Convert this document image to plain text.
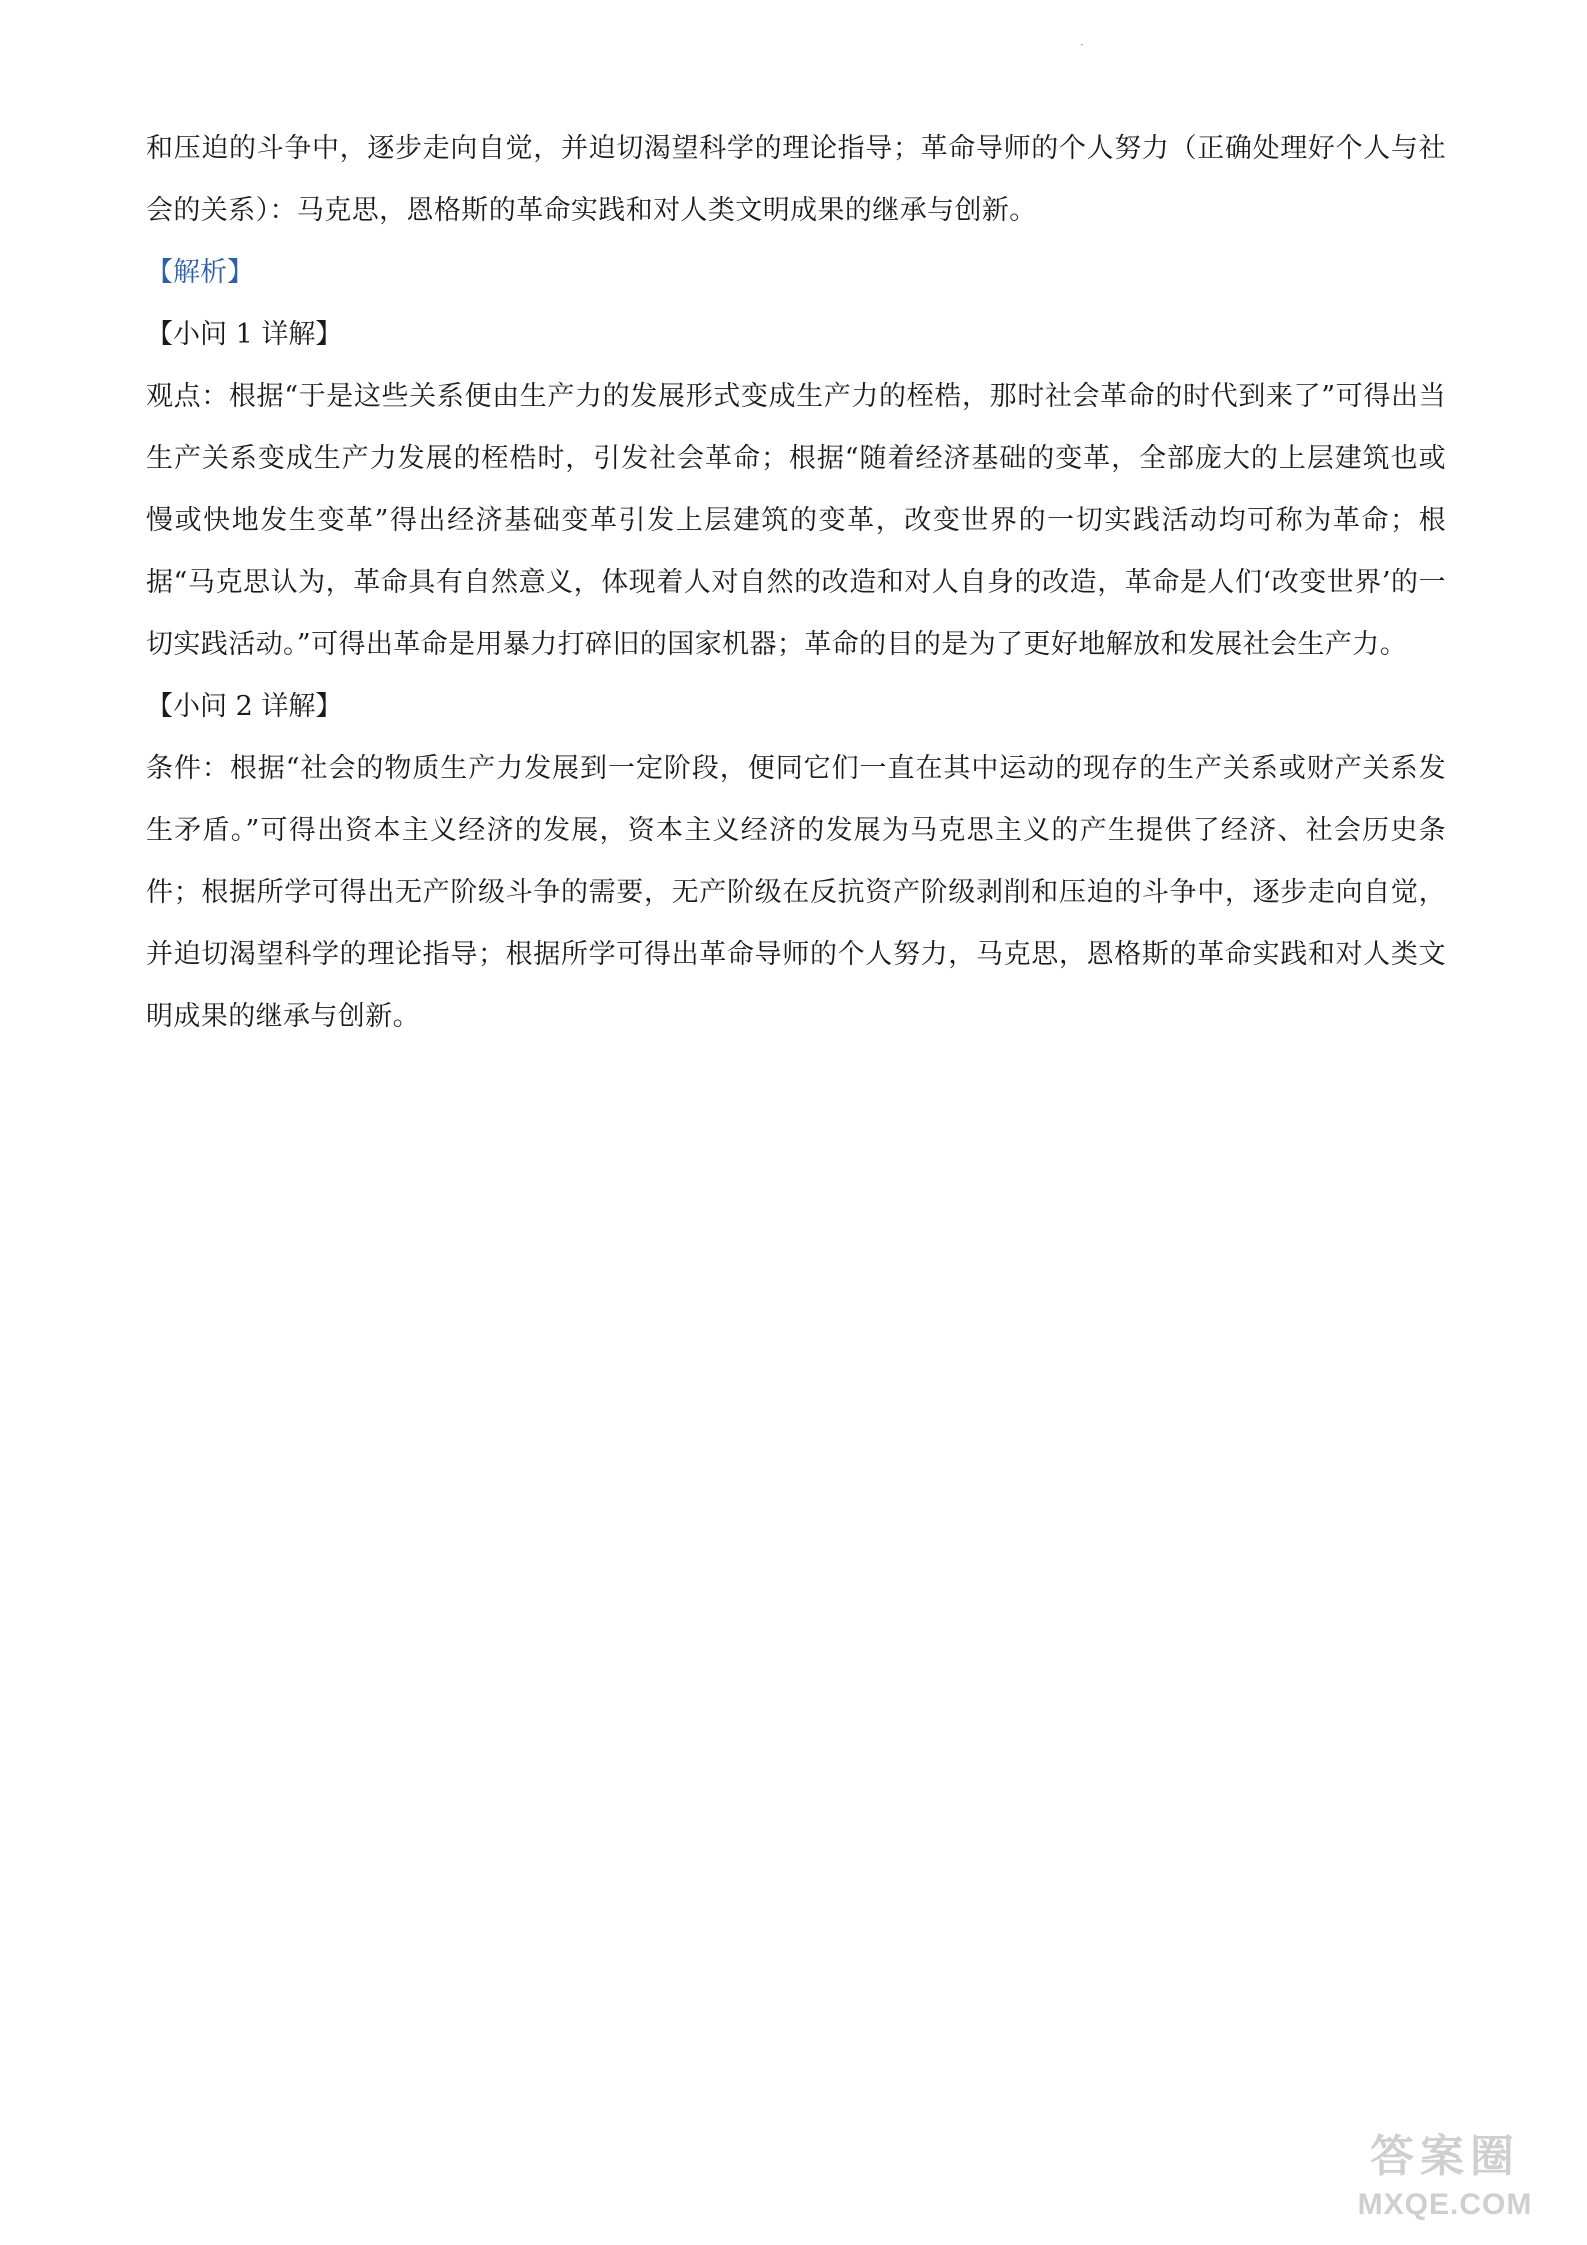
·

和压迫的斗争中，逐步走向自觉，并迫切渴望科学的理论指导；革命导师的个人努力（正确处理好个人与社会的关系）：马克思，恩格斯的革命实践和对人类文明成果的继承与创新。

【解析】

【小问 1 详解】

观点：根据“于是这些关系便由生产力的发展形式变成生产力的桎梏，那时社会革命的时代到来了”可得出当生产关系变成生产力发展的桎梏时，引发社会革命；根据“随着经济基础的变革，全部庞大的上层建筑也或慢或快地发生变革”得出经济基础变革引发上层建筑的变革，改变世界的一切实践活动均可称为革命；根据“马克思认为，革命具有自然意义，体现着人对自然的改造和对人自身的改造，革命是人们‘改变世界’的一切实践活动。”可得出革命是用暴力打碎旧的国家机器；革命的目的是为了更好地解放和发展社会生产力。

【小问 2 详解】

条件：根据“社会的物质生产力发展到一定阶段，便同它们一直在其中运动的现存的生产关系或财产关系发生矛盾。”可得出资本主义经济的发展，资本主义经济的发展为马克思主义的产生提供了经济、社会历史条件；根据所学可得出无产阶级斗争的需要，无产阶级在反抗资产阶级剥削和压迫的斗争中，逐步走向自觉，并迫切渴望科学的理论指导；根据所学可得出革命导师的个人努力，马克思，恩格斯的革命实践和对人类文明成果的继承与创新。

答案圈
MXQE.COM
